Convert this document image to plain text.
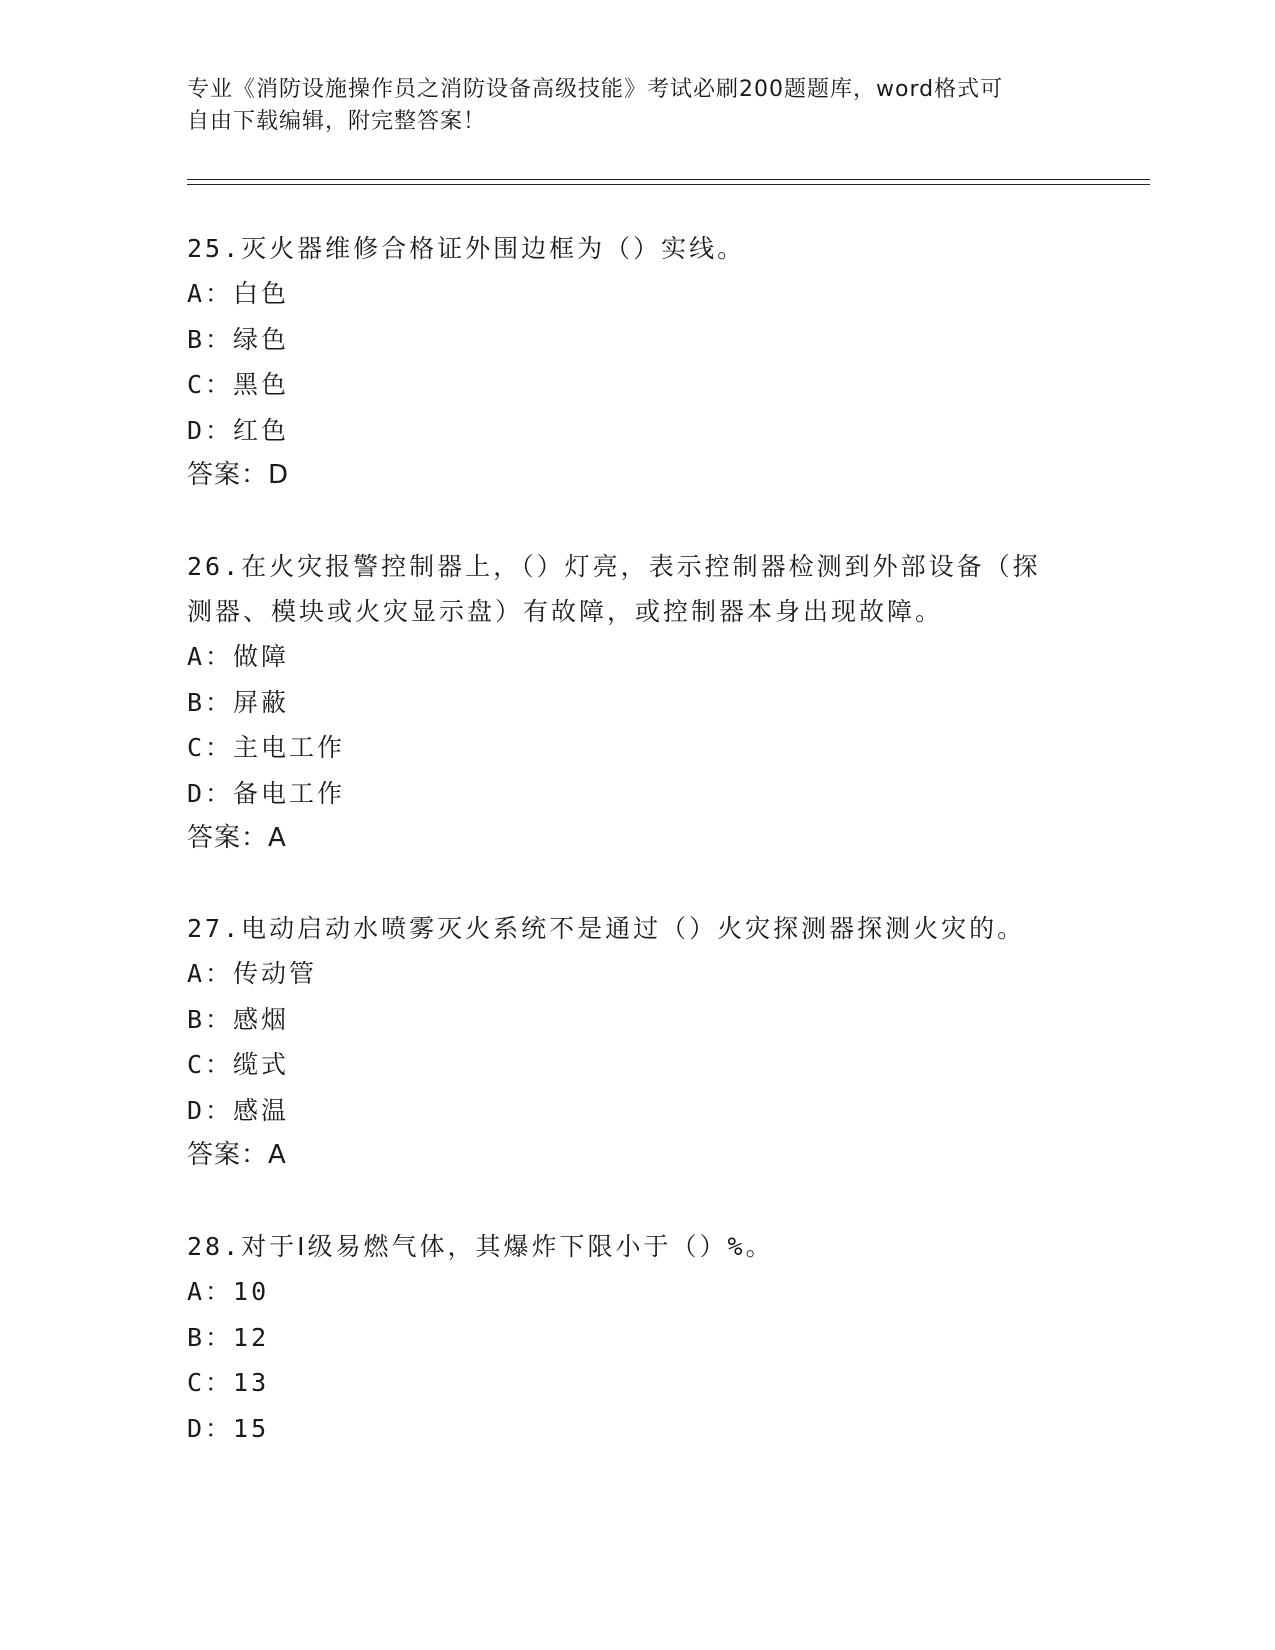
专业《消防设施操作员之消防设备高级技能》考试必刷200题题库，word格式可
自由下载编辑，附完整答案！

25.灭火器维修合格证外围边框为（）实线。

A：白色

B：绿色

C：黑色

D：红色

答案：D

26.在火灾报警控制器上，（）灯亮，表示控制器检测到外部设备（探

测器、模块或火灾显示盘）有故障，或控制器本身出现故障。

A：做障

B：屏蔽

C：主电工作

D：备电工作

答案：A

27.电动启动水喷雾灭火系统不是通过（）火灾探测器探测火灾的。

A：传动管

B：感烟

C：缆式

D：感温

答案：A

28.对于Ⅰ级易燃气体，其爆炸下限小于（）%。

A：10

B：12

C：13

D：15
